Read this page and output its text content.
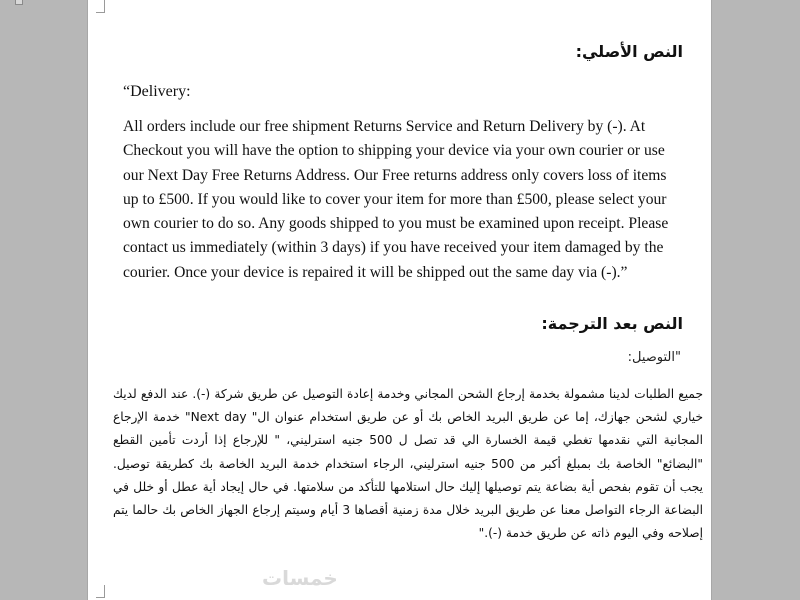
النص الأصلي:

“Delivery:

All orders include our free shipment Returns Service and Return Delivery by (-). At Checkout you will have the option to shipping your device via your own courier or use our Next Day Free Returns Address. Our Free returns address only covers loss of items up to £500. If you would like to cover your item for more than £500, please select your own courier to do so. Any goods shipped to you must be examined upon receipt. Please contact us immediately (within 3 days) if you have received your item damaged by the courier. Once your device is repaired it will be shipped out the same day via (-).”

النص بعد الترجمة:

"التوصيل:

جميع الطلبات لدينا مشمولة بخدمة إرجاع الشحن المجاني وخدمة إعادة التوصيل عن طريق شركة (-). عند الدفع لديك خياري لشحن جهازك، إما عن طريق البريد الخاص بك أو عن طريق استخدام عنوان ال" Next day" خدمة الإرجاع المجانية التي نقدمها تغطي قيمة الخسارة الي قد تصل ل 500 جنيه استرليني، " للإرجاع إذا أردت تأمين القطع "البضائع" الخاصة بك بمبلغ أكبر من 500 جنيه استرليني، الرجاء استخدام خدمة البريد الخاصة بك كطريقة توصيل. يجب أن تقوم بفحص أية بضاعة يتم توصيلها إليك حال استلامها للتأكد من سلامتها. في حال إيجاد أية عطل أو خلل في البضاعة الرجاء التواصل معنا عن طريق البريد خلال مدة زمنية أقصاها 3 أيام وسيتم إرجاع الجهاز الخاص بك حالما يتم إصلاحه وفي اليوم ذاته عن طريق خدمة (-)."

خمسات
